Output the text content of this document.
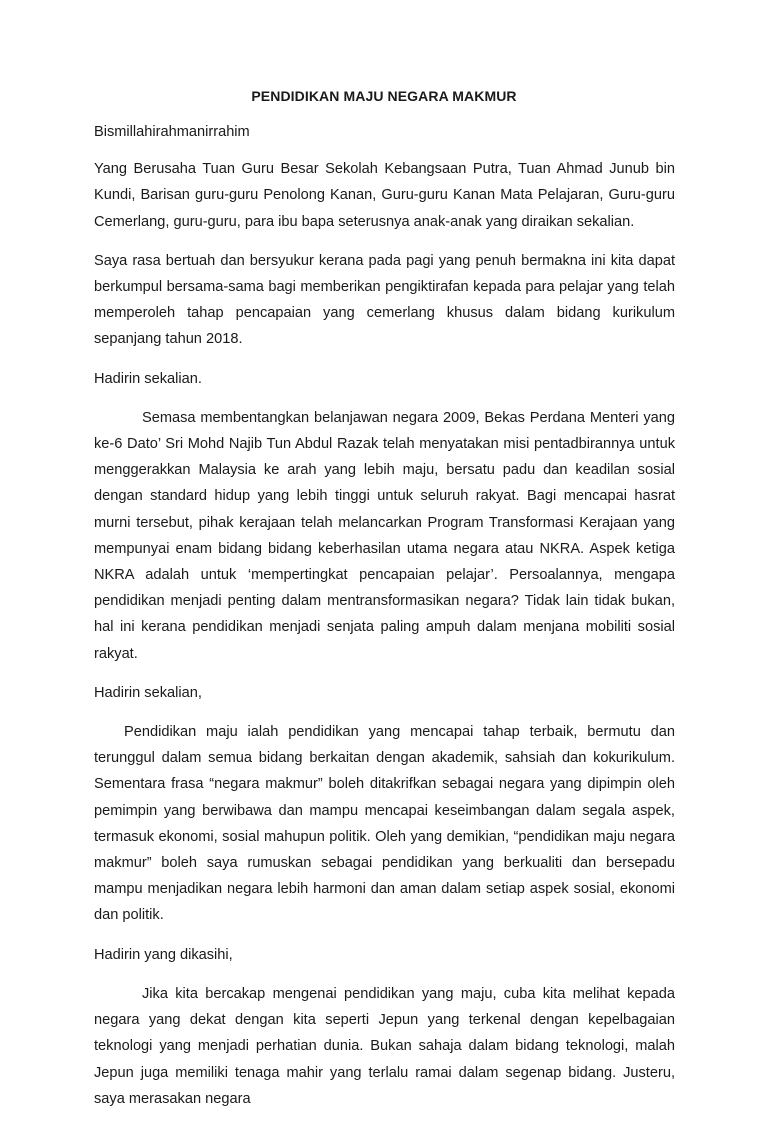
PENDIDIKAN MAJU NEGARA MAKMUR

Bismillahirahmanirrahim

Yang Berusaha Tuan Guru Besar Sekolah Kebangsaan Putra, Tuan Ahmad Junub bin Kundi, Barisan guru-guru Penolong Kanan, Guru-guru Kanan Mata Pelajaran, Guru-guru Cemerlang, guru-guru, para ibu bapa seterusnya anak-anak yang diraikan sekalian.

Saya rasa bertuah dan bersyukur kerana pada pagi yang penuh bermakna ini kita dapat berkumpul bersama-sama bagi memberikan pengiktirafan kepada para pelajar yang telah memperoleh tahap pencapaian yang cemerlang khusus dalam bidang kurikulum sepanjang tahun 2018.

Hadirin sekalian.

Semasa membentangkan belanjawan negara 2009, Bekas Perdana Menteri yang ke-6 Dato’ Sri Mohd Najib Tun Abdul Razak telah menyatakan misi pentadbirannya untuk menggerakkan Malaysia ke arah yang lebih maju, bersatu padu dan keadilan sosial dengan standard hidup yang lebih tinggi untuk seluruh rakyat. Bagi mencapai hasrat murni tersebut, pihak kerajaan telah melancarkan Program Transformasi Kerajaan yang mempunyai enam bidang bidang keberhasilan utama negara atau NKRA. Aspek ketiga NKRA adalah untuk ‘mempertingkat pencapaian pelajar’. Persoalannya, mengapa pendidikan menjadi penting dalam mentransformasikan negara? Tidak lain tidak bukan, hal ini kerana pendidikan menjadi senjata paling ampuh dalam menjana mobiliti sosial rakyat.

Hadirin sekalian,

Pendidikan maju ialah pendidikan yang mencapai tahap terbaik, bermutu dan terunggul dalam semua bidang berkaitan dengan akademik, sahsiah dan kokurikulum. Sementara frasa “negara makmur” boleh ditakrifkan sebagai negara yang dipimpin oleh pemimpin yang berwibawa dan mampu mencapai keseimbangan dalam segala aspek, termasuk ekonomi, sosial mahupun politik. Oleh yang demikian, “pendidikan maju negara makmur” boleh saya rumuskan sebagai pendidikan yang berkualiti dan bersepadu mampu menjadikan negara lebih harmoni dan aman dalam setiap aspek sosial, ekonomi dan politik.

Hadirin yang dikasihi,

Jika kita bercakap mengenai pendidikan yang maju, cuba kita melihat kepada negara yang dekat dengan kita seperti Jepun yang terkenal dengan kepelbagaian teknologi yang menjadi perhatian dunia. Bukan sahaja dalam bidang teknologi, malah Jepun juga memiliki tenaga mahir yang terlalu ramai dalam segenap bidang. Justeru, saya merasakan negara
